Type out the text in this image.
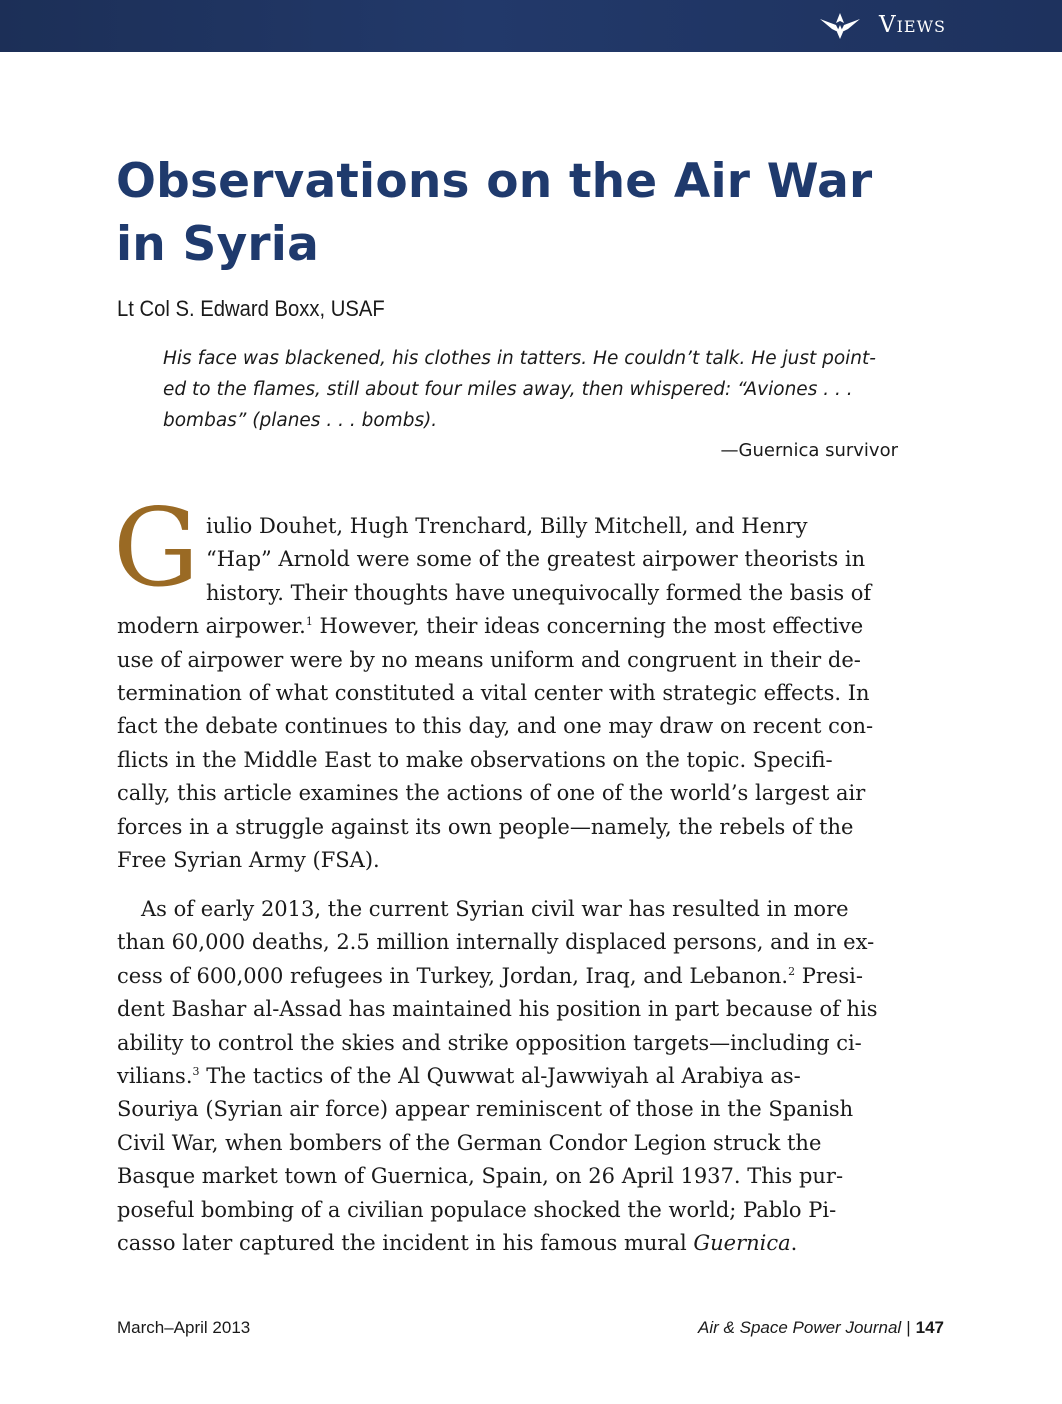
Views
Observations on the Air War
in Syria
Lt Col S. Edward Boxx, USAF
His face was blackened, his clothes in tatters. He couldn’t talk. He just point-
ed to the flames, still about four miles away, then whispered: “Aviones . . .
bombas” (planes . . . bombs).
—Guernica survivor
G iulio Douhet, Hugh Trenchard, Billy Mitchell, and Henry
“Hap” Arnold were some of the greatest airpower theorists in
history. Their thoughts have unequivocally formed the basis of
modern airpower.$^1$ However, their ideas concerning the most effective
use of airpower were by no means uniform and congruent in their de-
termination of what constituted a vital center with strategic effects. In
fact the debate continues to this day, and one may draw on recent con-
flicts in the Middle East to make observations on the topic. Specifi-
cally, this article examines the actions of one of the world’s largest air
forces in a struggle against its own people—namely, the rebels of the
Free Syrian Army (FSA).
As of early 2013, the current Syrian civil war has resulted in more
than 60,000 deaths, 2.5 million internally displaced persons, and in ex-
cess of 600,000 refugees in Turkey, Jordan, Iraq, and Lebanon.$^2$ Presi-
dent Bashar al-Assad has maintained his position in part because of his
ability to control the skies and strike opposition targets—including ci-
vilians.$^3$ The tactics of the Al Quwwat al-Jawwiyah al Arabiya as-
Souriya (Syrian air force) appear reminiscent of those in the Spanish
Civil War, when bombers of the German Condor Legion struck the
Basque market town of Guernica, Spain, on 26 April 1937. This pur-
poseful bombing of a civilian populace shocked the world; Pablo Pi-
casso later captured the incident in his famous mural Guernica.
March–April 2013	Air & Space Power Journal | 147
